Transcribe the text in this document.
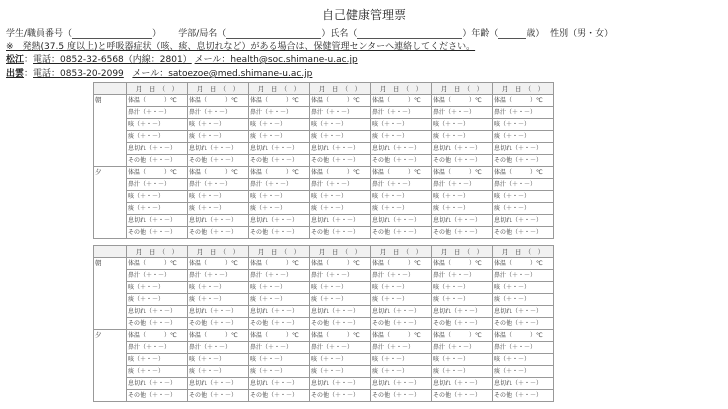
自己健康管理票
学生/職員番号（	） 学部/局名（	）氏名（	）年齢（	歳） 性別（男・女）
※　発熱(37.5 度以上)と呼吸器症状（咳、痰、息切れなど）がある場合は、保健管理センターへ連絡してください。
松江：電話：0852-32-6568（内線：2801） メール：health@soc.shimane-u.ac.jp
出雲：電話：0853-20-2099 メール：satoezoe@med.shimane-u.ac.jp
	月　日　（　）	月　日　（　）	月　日　（　）	月　日　（　）	月　日　（　）	月　日　（　）	月　日　（　）
朝	体温（　　　）℃	体温（　　　）℃	体温（　　　）℃	体温（　　　）℃	体温（　　　）℃	体温（　　　）℃	体温（　　　）℃
	鼻汁（＋・－）	鼻汁（＋・－）	鼻汁（＋・－）	鼻汁（＋・－）	鼻汁（＋・－）	鼻汁（＋・－）	鼻汁（＋・－）
	咳（＋・－）	咳（＋・－）	咳（＋・－）	咳（＋・－）	咳（＋・－）	咳（＋・－）	咳（＋・－）
	痰（＋・－）	痰（＋・－）	痰（＋・－）	痰（＋・－）	痰（＋・－）	痰（＋・－）	痰（＋・－）
	息切れ（＋・－）	息切れ（＋・－）	息切れ（＋・－）	息切れ（＋・－）	息切れ（＋・－）	息切れ（＋・－）	息切れ（＋・－）
	その他（＋・－）	その他（＋・－）	その他（＋・－）	その他（＋・－）	その他（＋・－）	その他（＋・－）	その他（＋・－）
夕	体温（　　　）℃	体温（　　　）℃	体温（　　　）℃	体温（　　　）℃	体温（　　　）℃	体温（　　　）℃	体温（　　　）℃
	鼻汁（＋・－）	鼻汁（＋・－）	鼻汁（＋・－）	鼻汁（＋・－）	鼻汁（＋・－）	鼻汁（＋・－）	鼻汁（＋・－）
	咳（＋・－）	咳（＋・－）	咳（＋・－）	咳（＋・－）	咳（＋・－）	咳（＋・－）	咳（＋・－）
	痰（＋・－）	痰（＋・－）	痰（＋・－）	痰（＋・－）	痰（＋・－）	痰（＋・－）	痰（＋・－）
	息切れ（＋・－）	息切れ（＋・－）	息切れ（＋・－）	息切れ（＋・－）	息切れ（＋・－）	息切れ（＋・－）	息切れ（＋・－）
	その他（＋・－）	その他（＋・－）	その他（＋・－）	その他（＋・－）	その他（＋・－）	その他（＋・－）	その他（＋・－）
	月　日　（　）	月　日　（　）	月　日　（　）	月　日　（　）	月　日　（　）	月　日　（　）	月　日　（　）
朝	体温（　　　）℃	体温（　　　）℃	体温（　　　）℃	体温（　　　）℃	体温（　　　）℃	体温（　　　）℃	体温（　　　）℃
	鼻汁（＋・－）	鼻汁（＋・－）	鼻汁（＋・－）	鼻汁（＋・－）	鼻汁（＋・－）	鼻汁（＋・－）	鼻汁（＋・－）
	咳（＋・－）	咳（＋・－）	咳（＋・－）	咳（＋・－）	咳（＋・－）	咳（＋・－）	咳（＋・－）
	痰（＋・－）	痰（＋・－）	痰（＋・－）	痰（＋・－）	痰（＋・－）	痰（＋・－）	痰（＋・－）
	息切れ（＋・－）	息切れ（＋・－）	息切れ（＋・－）	息切れ（＋・－）	息切れ（＋・－）	息切れ（＋・－）	息切れ（＋・－）
	その他（＋・－）	その他（＋・－）	その他（＋・－）	その他（＋・－）	その他（＋・－）	その他（＋・－）	その他（＋・－）
夕	体温（　　　）℃	体温（　　　）℃	体温（　　　）℃	体温（　　　）℃	体温（　　　）℃	体温（　　　）℃	体温（　　　）℃
	鼻汁（＋・－）	鼻汁（＋・－）	鼻汁（＋・－）	鼻汁（＋・－）	鼻汁（＋・－）	鼻汁（＋・－）	鼻汁（＋・－）
	咳（＋・－）	咳（＋・－）	咳（＋・－）	咳（＋・－）	咳（＋・－）	咳（＋・－）	咳（＋・－）
	痰（＋・－）	痰（＋・－）	痰（＋・－）	痰（＋・－）	痰（＋・－）	痰（＋・－）	痰（＋・－）
	息切れ（＋・－）	息切れ（＋・－）	息切れ（＋・－）	息切れ（＋・－）	息切れ（＋・－）	息切れ（＋・－）	息切れ（＋・－）
	その他（＋・－）	その他（＋・－）	その他（＋・－）	その他（＋・－）	その他（＋・－）	その他（＋・－）	その他（＋・－）
